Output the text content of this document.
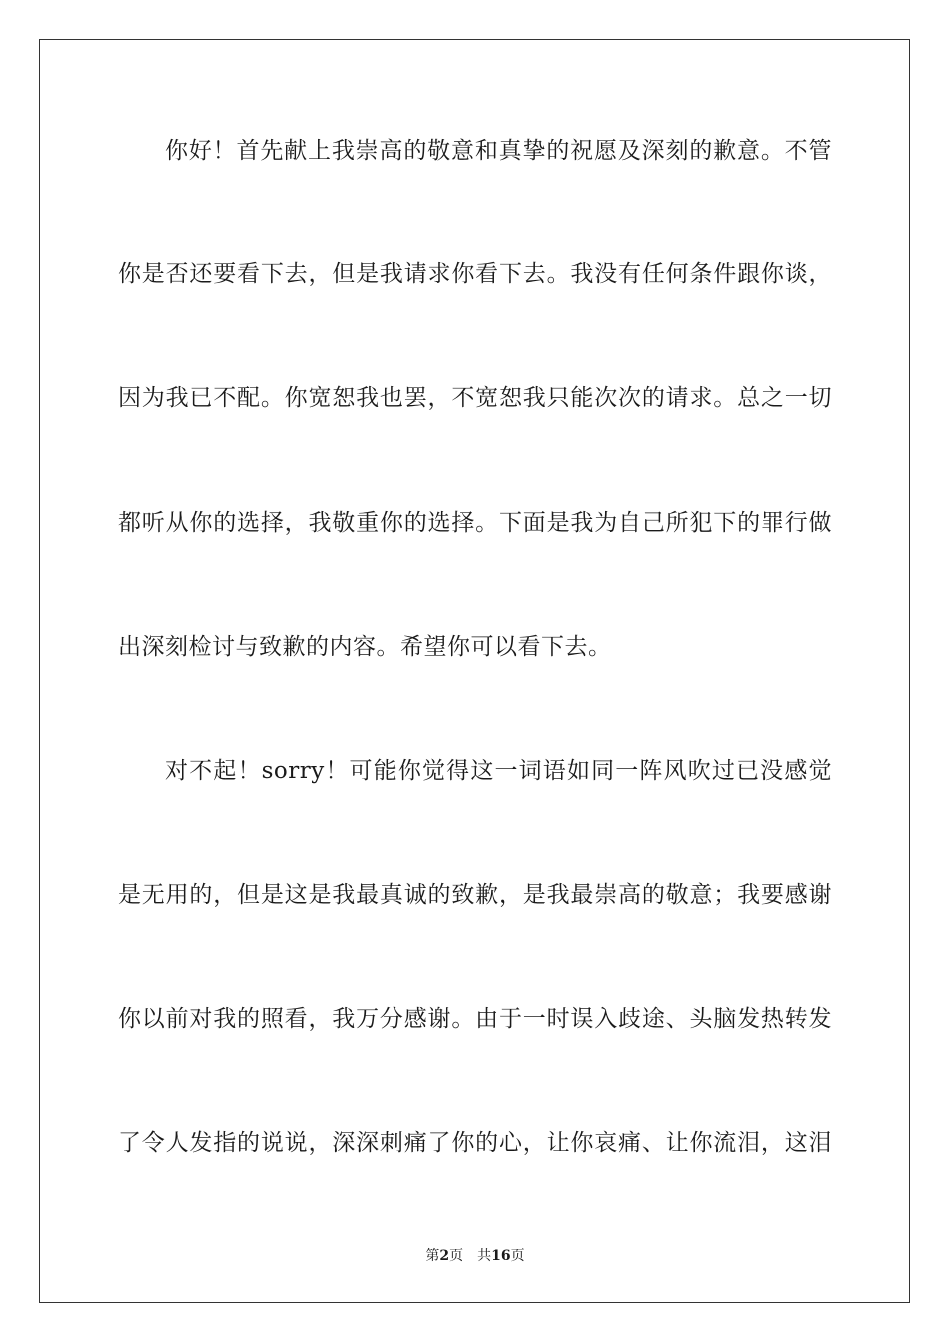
你好！首先献上我崇高的敬意和真挚的祝愿及深刻的歉意。不管
你是否还要看下去，但是我请求你看下去。我没有任何条件跟你谈，
因为我已不配。你宽恕我也罢，不宽恕我只能次次的请求。总之一切
都听从你的选择，我敬重你的选择。下面是我为自己所犯下的罪行做
出深刻检讨与致歉的内容。希望你可以看下去。
对不起！sorry！可能你觉得这一词语如同一阵风吹过已没感觉
是无用的，但是这是我最真诚的致歉，是我最崇高的敬意；我要感谢
你以前对我的照看，我万分感谢。由于一时误入歧途、头脑发热转发
了令人发指的说说，深深刺痛了你的心，让你哀痛、让你流泪，这泪
第2页 共16页
